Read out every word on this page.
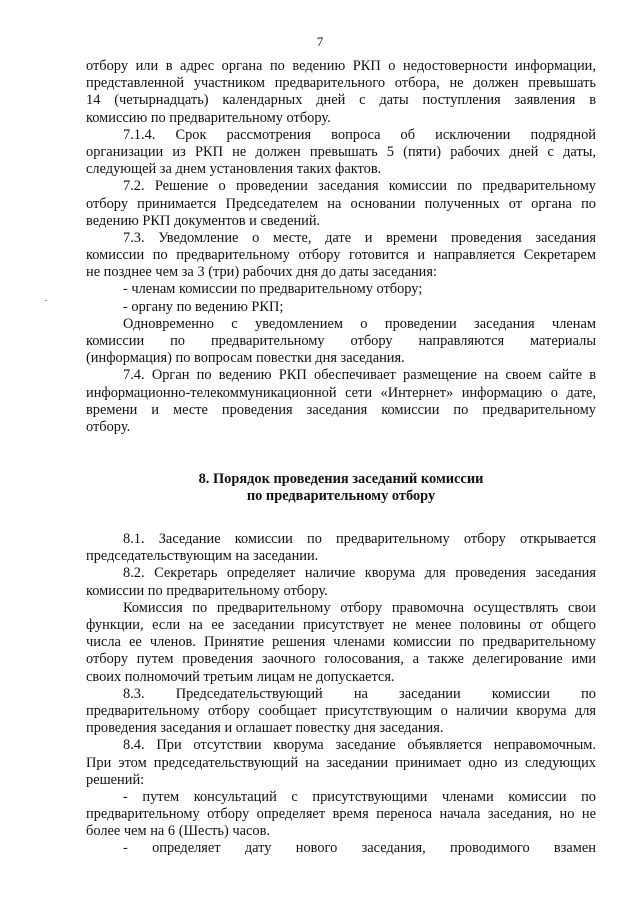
7
отбору или в адрес органа по ведению РКП о недостоверности информации,
представленной участником предварительного отбора, не должен превышать
14 (четырнадцать) календарных дней с даты поступления заявления в
комиссию по предварительному отбору.
7.1.4. Срок рассмотрения вопроса об исключении подрядной
организации из РКП не должен превышать 5 (пяти) рабочих дней с даты,
следующей за днем установления таких фактов.
7.2. Решение о проведении заседания комиссии по предварительному
отбору принимается Председателем на основании полученных от органа по
ведению РКП документов и сведений.
7.3. Уведомление о месте, дате и времени проведения заседания
комиссии по предварительному отбору готовится и направляется Секретарем
не позднее чем за 3 (три) рабочих дня до даты заседания:
- членам комиссии по предварительному отбору;
- органу по ведению РКП;
Одновременно с уведомлением о проведении заседания членам
комиссии по предварительному отбору направляются материалы
(информация) по вопросам повестки дня заседания.
7.4. Орган по ведению РКП обеспечивает размещение на своем сайте в
информационно-телекоммуникационной сети «Интернет» информацию о дате,
времени и месте проведения заседания комиссии по предварительному
отбору.
8. Порядок проведения заседаний комиссии
по предварительному отбору
8.1. Заседание комиссии по предварительному отбору открывается
председательствующим на заседании.
8.2. Секретарь определяет наличие кворума для проведения заседания
комиссии по предварительному отбору.
Комиссия по предварительному отбору правомочна осуществлять свои
функции, если на ее заседании присутствует не менее половины от общего
числа ее членов. Принятие решения членами комиссии по предварительному
отбору путем проведения заочного голосования, а также делегирование ими
своих полномочий третьим лицам не допускается.
8.3. Председательствующий на заседании комиссии по
предварительному отбору сообщает присутствующим о наличии кворума для
проведения заседания и оглашает повестку дня заседания.
8.4. При отсутствии кворума заседание объявляется неправомочным.
При этом председательствующий на заседании принимает одно из следующих
решений:
- путем консультаций с присутствующими членами комиссии по
предварительному отбору определяет время переноса начала заседания, но не
более чем на 6 (Шесть) часов.
- определяет дату нового заседания, проводимого взамен
